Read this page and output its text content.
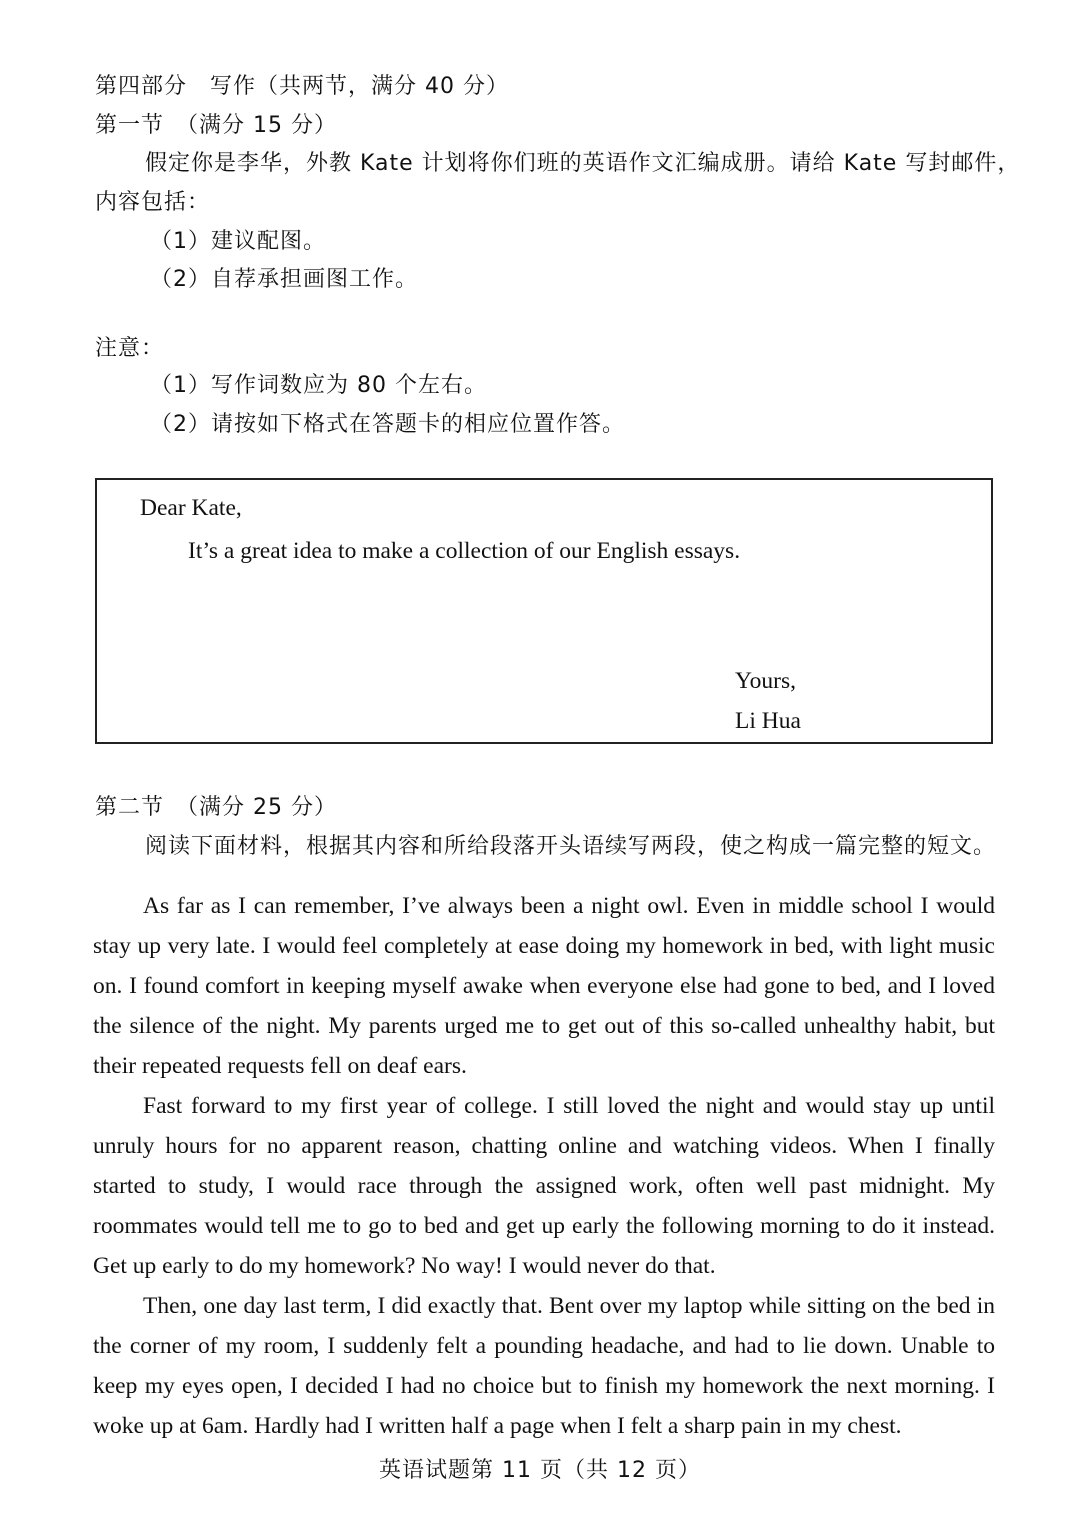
第四部分　写作（共两节，满分 40 分）
第一节　（满分 15 分）
假定你是李华，外教 Kate 计划将你们班的英语作文汇编成册。请给 Kate 写封邮件，
内容包括：
（1）建议配图。
（2）自荐承担画图工作。
注意：
（1）写作词数应为 80 个左右。
（2）请按如下格式在答题卡的相应位置作答。
Dear Kate,
It’s a great idea to make a collection of our English essays.
Yours,
Li Hua
第二节　（满分 25 分）
阅读下面材料，根据其内容和所给段落开头语续写两段，使之构成一篇完整的短文。
As far as I can remember, I’ve always been a night owl. Even in middle school I would stay up very late. I would feel completely at ease doing my homework in bed, with light music on. I found comfort in keeping myself awake when everyone else had gone to bed, and I loved the silence of the night. My parents urged me to get out of this so-called unhealthy habit, but their repeated requests fell on deaf ears.
Fast forward to my first year of college. I still loved the night and would stay up until unruly hours for no apparent reason, chatting online and watching videos. When I finally started to study, I would race through the assigned work, often well past midnight. My roommates would tell me to go to bed and get up early the following morning to do it instead. Get up early to do my homework? No way! I would never do that.
Then, one day last term, I did exactly that. Bent over my laptop while sitting on the bed in the corner of my room, I suddenly felt a pounding headache, and had to lie down. Unable to keep my eyes open, I decided I had no choice but to finish my homework the next morning. I woke up at 6am. Hardly had I written half a page when I felt a sharp pain in my chest.
英语试题第 11 页（共 12 页）
